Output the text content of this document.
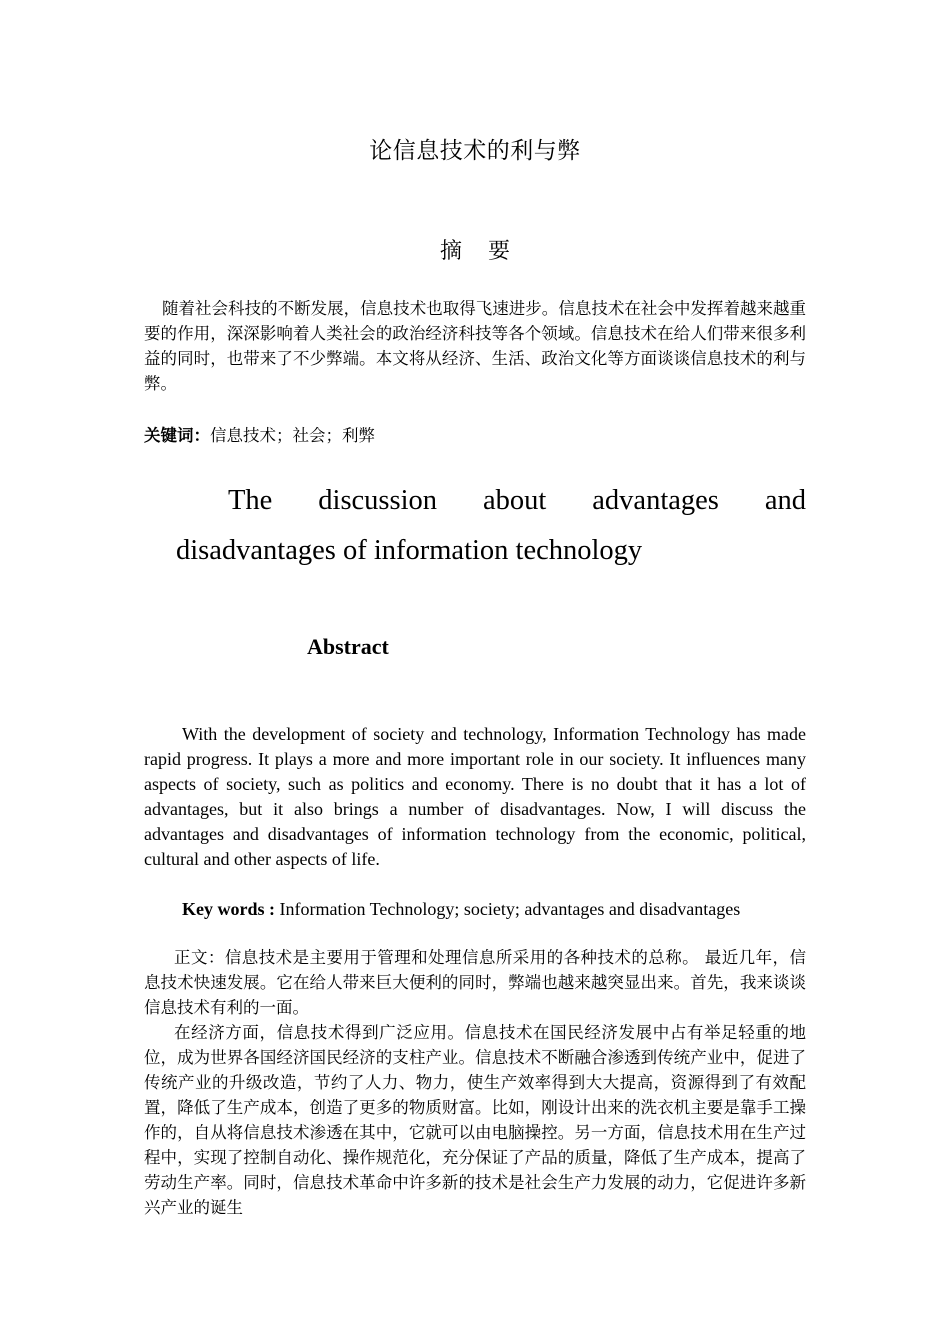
论信息技术的利与弊
摘要
随着社会科技的不断发展，信息技术也取得飞速进步。信息技术在社会中发挥着越来越重要的作用，深深影响着人类社会的政治经济科技等各个领域。信息技术在给人们带来很多利益的同时，也带来了不少弊端。本文将从经济、生活、政治文化等方面谈谈信息技术的利与弊。
关键词：信息技术；社会；利弊
The discussion about advantages and
disadvantages of information technology
Abstract
With the development of society and technology, Information Technology has made rapid progress. It plays a more and more important role in our society. It influences many aspects of society, such as politics and economy. There is no doubt that it has a lot of advantages, but it also brings a number of disadvantages. Now, I will discuss the advantages and disadvantages of information technology from the economic, political, cultural and other aspects of life.
Key words : Information Technology; society; advantages and disadvantages

正文：信息技术是主要用于管理和处理信息所采用的各种技术的总称。 最近几年，信息技术快速发展。它在给人带来巨大便利的同时，弊端也越来越突显出来。首先，我来谈谈信息技术有利的一面。

在经济方面，信息技术得到广泛应用。信息技术在国民经济发展中占有举足轻重的地位，成为世界各国经济国民经济的支柱产业。信息技术不断融合渗透到传统产业中，促进了传统产业的升级改造，节约了人力、物力，使生产效率得到大大提高，资源得到了有效配置，降低了生产成本，创造了更多的物质财富。比如，刚设计出来的洗衣机主要是靠手工操作的，自从将信息技术渗透在其中，它就可以由电脑操控。另一方面，信息技术用在生产过程中，实现了控制自动化、操作规范化，充分保证了产品的质量，降低了生产成本，提高了劳动生产率。同时，信息技术革命中许多新的技术是社会生产力发展的动力，它促进许多新兴产业的诞生
